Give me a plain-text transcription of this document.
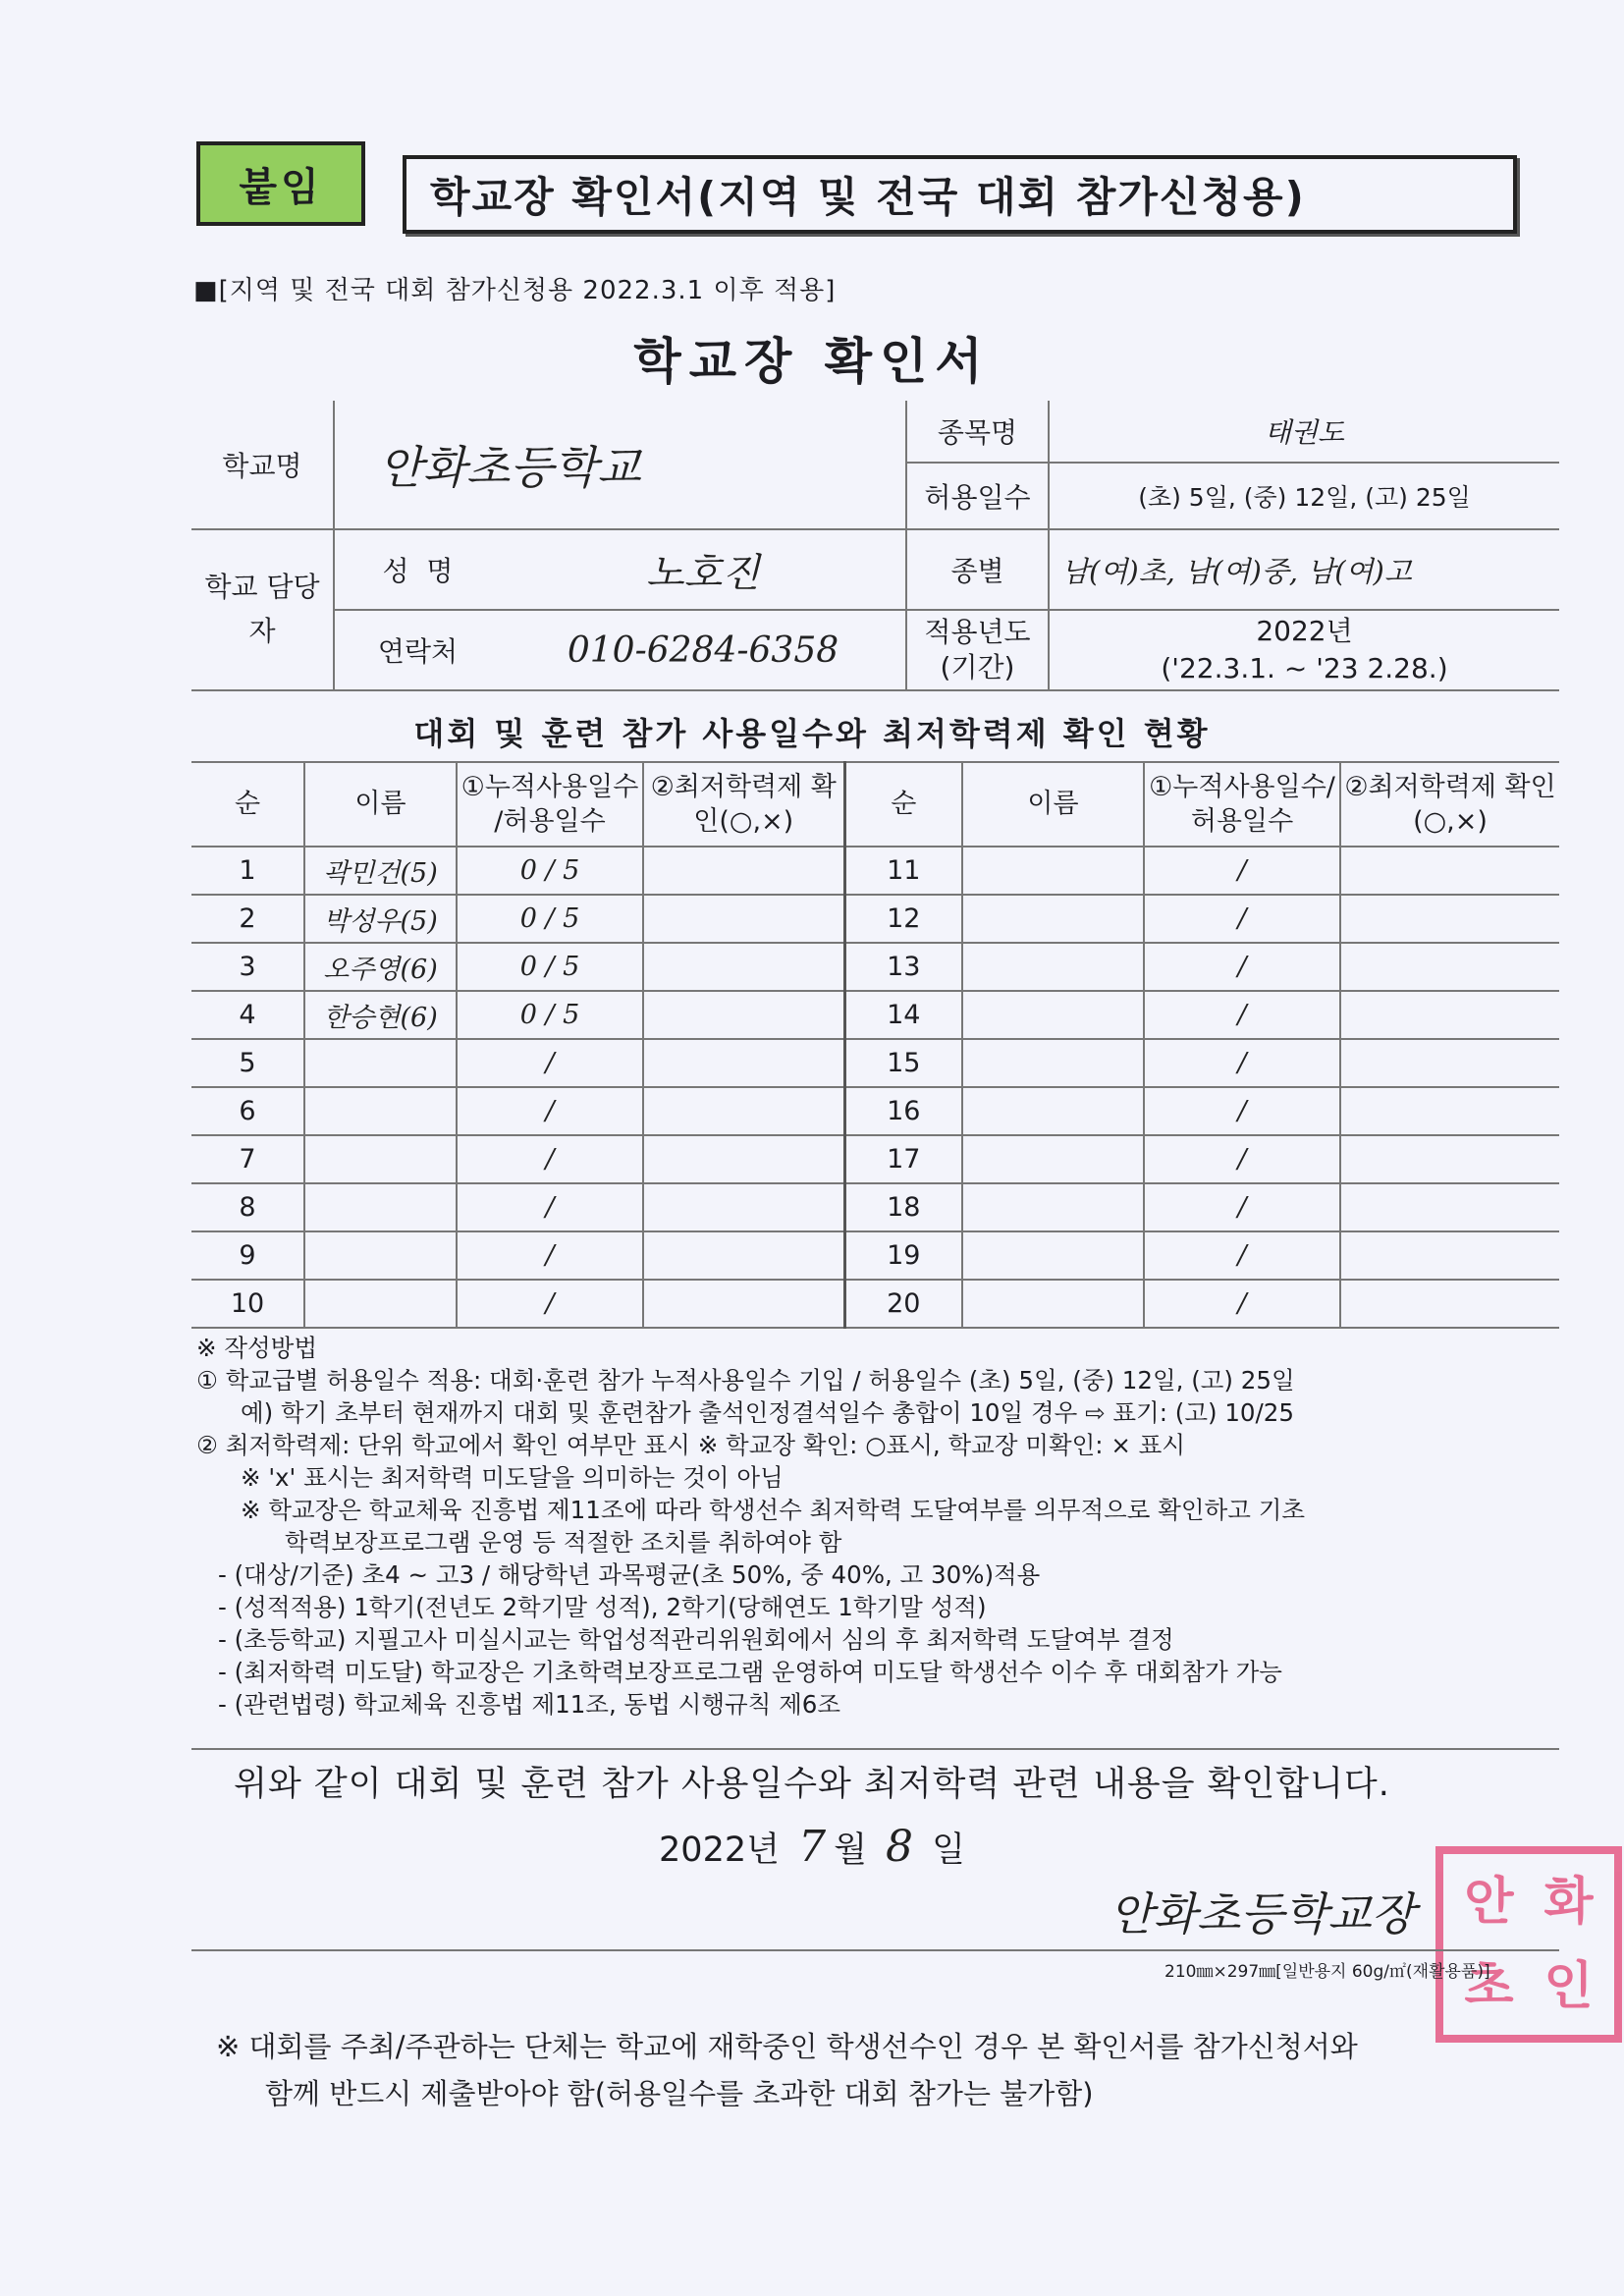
붙임	학교장 확인서(지역 및 전국 대회 참가신청용)
■[지역 및 전국 대회 참가신청용 2022.3.1 이후 적용]
학교장 확인서
학교명	안화초등학교		종목명	태권도
			허용일수	(초) 5일, (중) 12일, (고) 25일
학교 담당자	성  명	노호진	종별	남(여)초, 남(여)중, 남(여)고
	연락처	010-6284-6358	적용년도 (기간)	2022년
('22.3.1. ~ '23 2.28.)
대회 및 훈련 참가 사용일수와 최저학력제 확인 현황
순	이름	①누적사용일수 /허용일수	②최저학력제 확인(○,×)	순	이름	①누적사용일수/ 허용일수	②최저학력제 확인(○,×)
1	곽민건(5)	0 / 5		11		/	
2	박성우(5)	0 / 5		12		/	
3	오주영(6)	0 / 5		13		/	
4	한승현(6)	0 / 5		14		/	
5		/		15		/	
6		/		16		/	
7		/		17		/	
8		/		18		/	
9		/		19		/	
10		/		20		/	
※ 작성방법
① 학교급별 허용일수 적용: 대회·훈련 참가 누적사용일수 기입 / 허용일수 (초) 5일, (중) 12일, (고) 25일
예) 학기 초부터 현재까지 대회 및 훈련참가 출석인정결석일수 총합이 10일 경우 ⇨ 표기: (고) 10/25
② 최저학력제: 단위 학교에서 확인 여부만 표시 ※ 학교장 확인: ○표시, 학교장 미확인: × 표시
※ 'x' 표시는 최저학력 미도달을 의미하는 것이 아님
※ 학교장은 학교체육 진흥법 제11조에 따라 학생선수 최저학력 도달여부를 의무적으로 확인하고 기초
학력보장프로그램 운영 등 적절한 조치를 취하여야 함
- (대상/기준) 초4 ~ 고3 / 해당학년 과목평균(초 50%, 중 40%, 고 30%)적용
- (성적적용) 1학기(전년도 2학기말 성적), 2학기(당해연도 1학기말 성적)
- (초등학교) 지필고사 미실시교는 학업성적관리위원회에서 심의 후 최저학력 도달여부 결정
- (최저학력 미도달) 학교장은 기초학력보장프로그램 운영하여 미도달 학생선수 이수 후 대회참가 가능
- (관련법령) 학교체육 진흥법 제11조, 동법 시행규칙 제6조
위와 같이 대회 및 훈련 참가 사용일수와 최저학력 관련 내용을 확인합니다.
2022년 7 월 8 일
안화초등학교장 안 화
초 인
210㎜×297㎜[일반용지 60g/㎡(재활용품)]
※ 대회를 주최/주관하는 단체는 학교에 재학중인 학생선수인 경우 본 확인서를 참가신청서와
함께 반드시 제출받아야 함(허용일수를 초과한 대회 참가는 불가함)
